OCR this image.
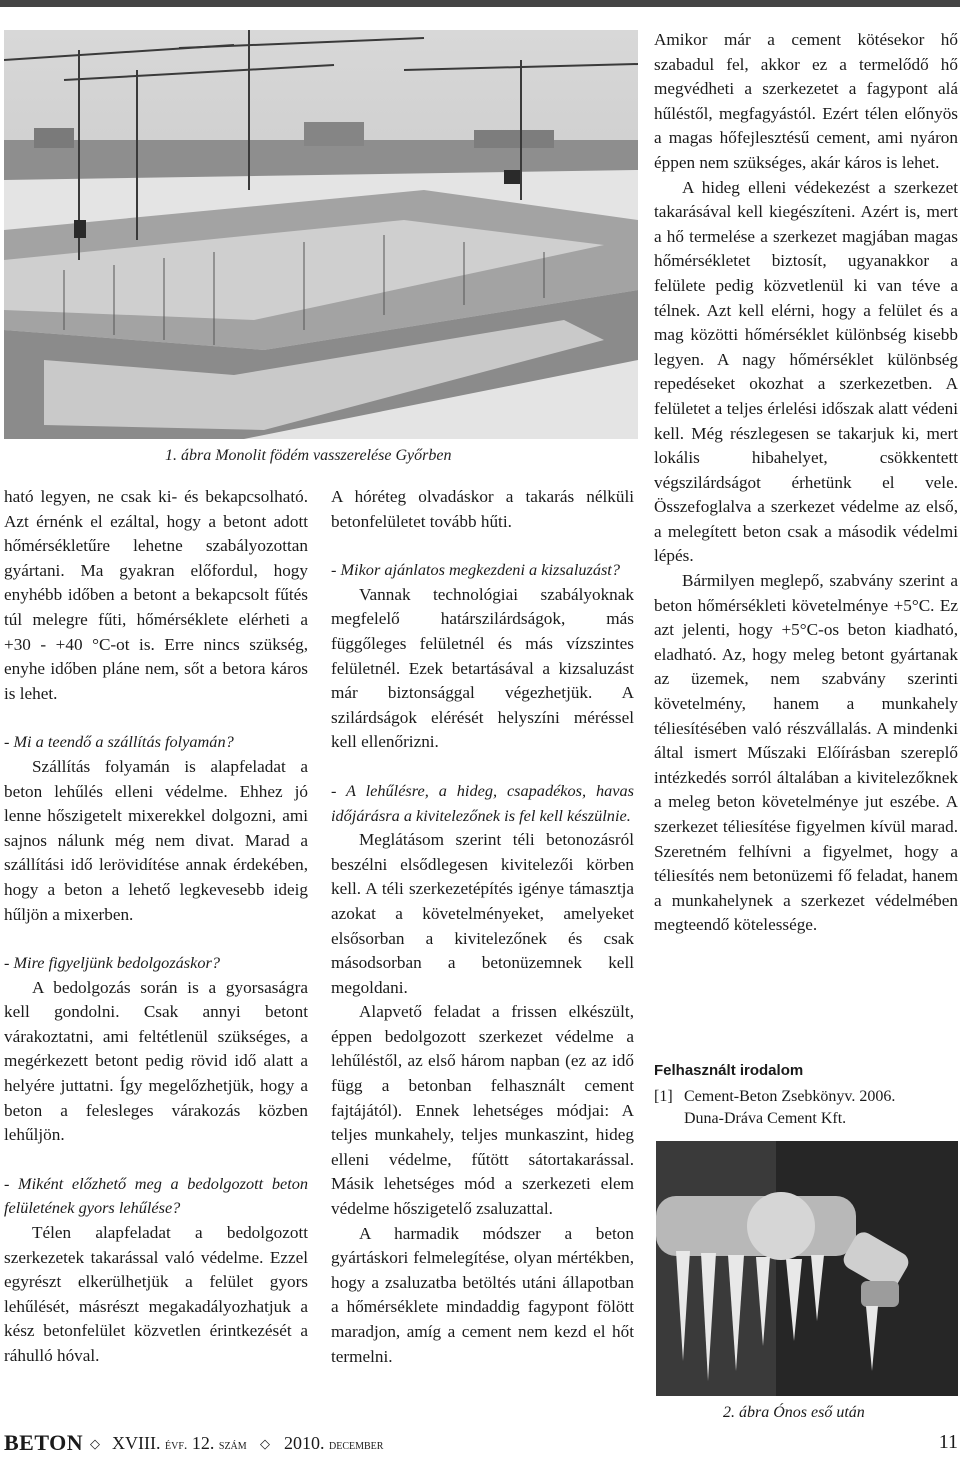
1. ábra Monolit födém vasszerelése Győrben

ható legyen, ne csak ki- és bekapcsolható. Azt érnénk el ezáltal, hogy a betont adott hőmérsékletűre lehetne szabályozottan gyártani. Ma gyakran előfordul, hogy enyhébb időben a betont a bekapcsolt fűtés túl melegre fűti, hőmérséklete elérheti a +30 - +40 °C-ot is. Erre nincs szükség, enyhe időben pláne nem, sőt a betora káros is lehet.

- Mi a teendő a szállítás folyamán?

Szállítás folyamán is alapfeladat a beton lehűlés elleni védelme. Ehhez jó lenne hőszigetelt mixerekkel dolgozni, ami sajnos nálunk még nem divat. Marad a szállítási idő lerövidítése annak érdekében, hogy a beton a lehető legkevesebb ideig hűljön a mixerben.

- Mire figyeljünk bedolgozáskor?

A bedolgozás során is a gyorsaságra kell gondolni. Csak annyi betont várakoztatni, ami feltétlenül szükséges, a megérkezett betont pedig rövid idő alatt a helyére juttatni. Így megelőzhetjük, hogy a beton a felesleges várakozás közben lehűljön.

- Miként előzhető meg a bedolgozott beton felületének gyors lehűlése?

Télen alapfeladat a bedolgozott szerkezetek takarással való védelme. Ezzel egyrészt elkerülhetjük a felület gyors lehűlését, másrészt megakadályozhatjuk a kész betonfelület közvetlen érintkezését a ráhulló hóval.

A hóréteg olvadáskor a takarás nélküli betonfelületet tovább hűti.

- Mikor ajánlatos megkezdeni a kizsaluzást?

Vannak technológiai szabályoknak megfelelő határszilárdságok, más függőleges felületnél és más vízszintes felületnél. Ezek betartásával a kizsaluzást már biztonsággal végezhetjük. A szilárdságok elérését helyszíni méréssel kell ellenőrizni.

- A lehűlésre, a hideg, csapadékos, havas időjárásra a kivitelezőnek is fel kell készülnie.

Meglátásom szerint téli betonozásról beszélni elsődlegesen kivitelezői körben kell. A téli szerkezetépítés igénye támasztja azokat a követelményeket, amelyeket elsősorban a kivitelezőnek és csak másodsorban a betonüzemnek kell megoldani.

Alapvető feladat a frissen elkészült, éppen bedolgozott szerkezet védelme a lehűléstől, az első három napban (ez az idő függ a betonban felhasznált cement fajtájától). Ennek lehetséges módjai: A teljes munkahely, teljes munkaszint, hideg elleni védelme, fűtött sátortakarással. Másik lehetséges mód a szerkezeti elem védelme hőszigetelő zsaluzattal.

A harmadik módszer a beton gyártáskori felmelegítése, olyan mértékben, hogy a zsaluzatba betöltés utáni állapotban a hőmérséklete mindaddig fagypont fölött maradjon, amíg a cement nem kezd el hőt termelni.

Amikor már a cement kötésekor hő szabadul fel, akkor ez a termelődő hő megvédheti a szerkezetet a fagypont alá hűléstől, megfagyástól. Ezért télen előnyös a magas hőfejlesztésű cement, ami nyáron éppen nem szükséges, akár káros is lehet.

A hideg elleni védekezést a szerkezet takarásával kell kiegészíteni. Azért is, mert a hő termelése a szerkezet magjában magas hőmérsékletet biztosít, ugyanakkor a felülete pedig közvetlenül ki van téve a télnek. Azt kell elérni, hogy a felület és a mag közötti hőmérséklet különbség kisebb legyen. A nagy hőmérséklet különbség repedéseket okozhat a szerkezetben. A felületet a teljes érlelési időszak alatt védeni kell. Még részlegesen se takarjuk ki, mert lokális hibahelyet, csökkentett végszilárdságot érhetünk el vele. Összefoglalva a szerkezet védelme az első, a melegített beton csak a második védelmi lépés.

Bármilyen meglepő, szabvány szerint a beton hőmérsékleti követelménye +5°C. Ez azt jelenti, hogy +5°C-os beton kiadható, eladható. Az, hogy meleg betont gyártanak az üzemek, nem szabvány szerinti követelmény, hanem a munkahely téliesítésében való részvállalás. A mindenki által ismert Műszaki Előírásban szereplő intézkedés sorról általában a kivitelezőknek a meleg beton követelménye jut eszébe. A szerkezet téliesítése figyelmen kívül marad. Szeretném felhívni a figyelmet, hogy a téliesítés nem betonüzemi fő feladat, hanem a munkahelynek a szerkezet védelmében megteendő kötelessége.

Felhasznált irodalom
[1] Cement-Beton Zsebkönyv. 2006.
Duna-Dráva Cement Kft.
2. ábra Ónos eső után
BETON ◇ XVIII. évf. 12. szám ◇ 2010. december	11
